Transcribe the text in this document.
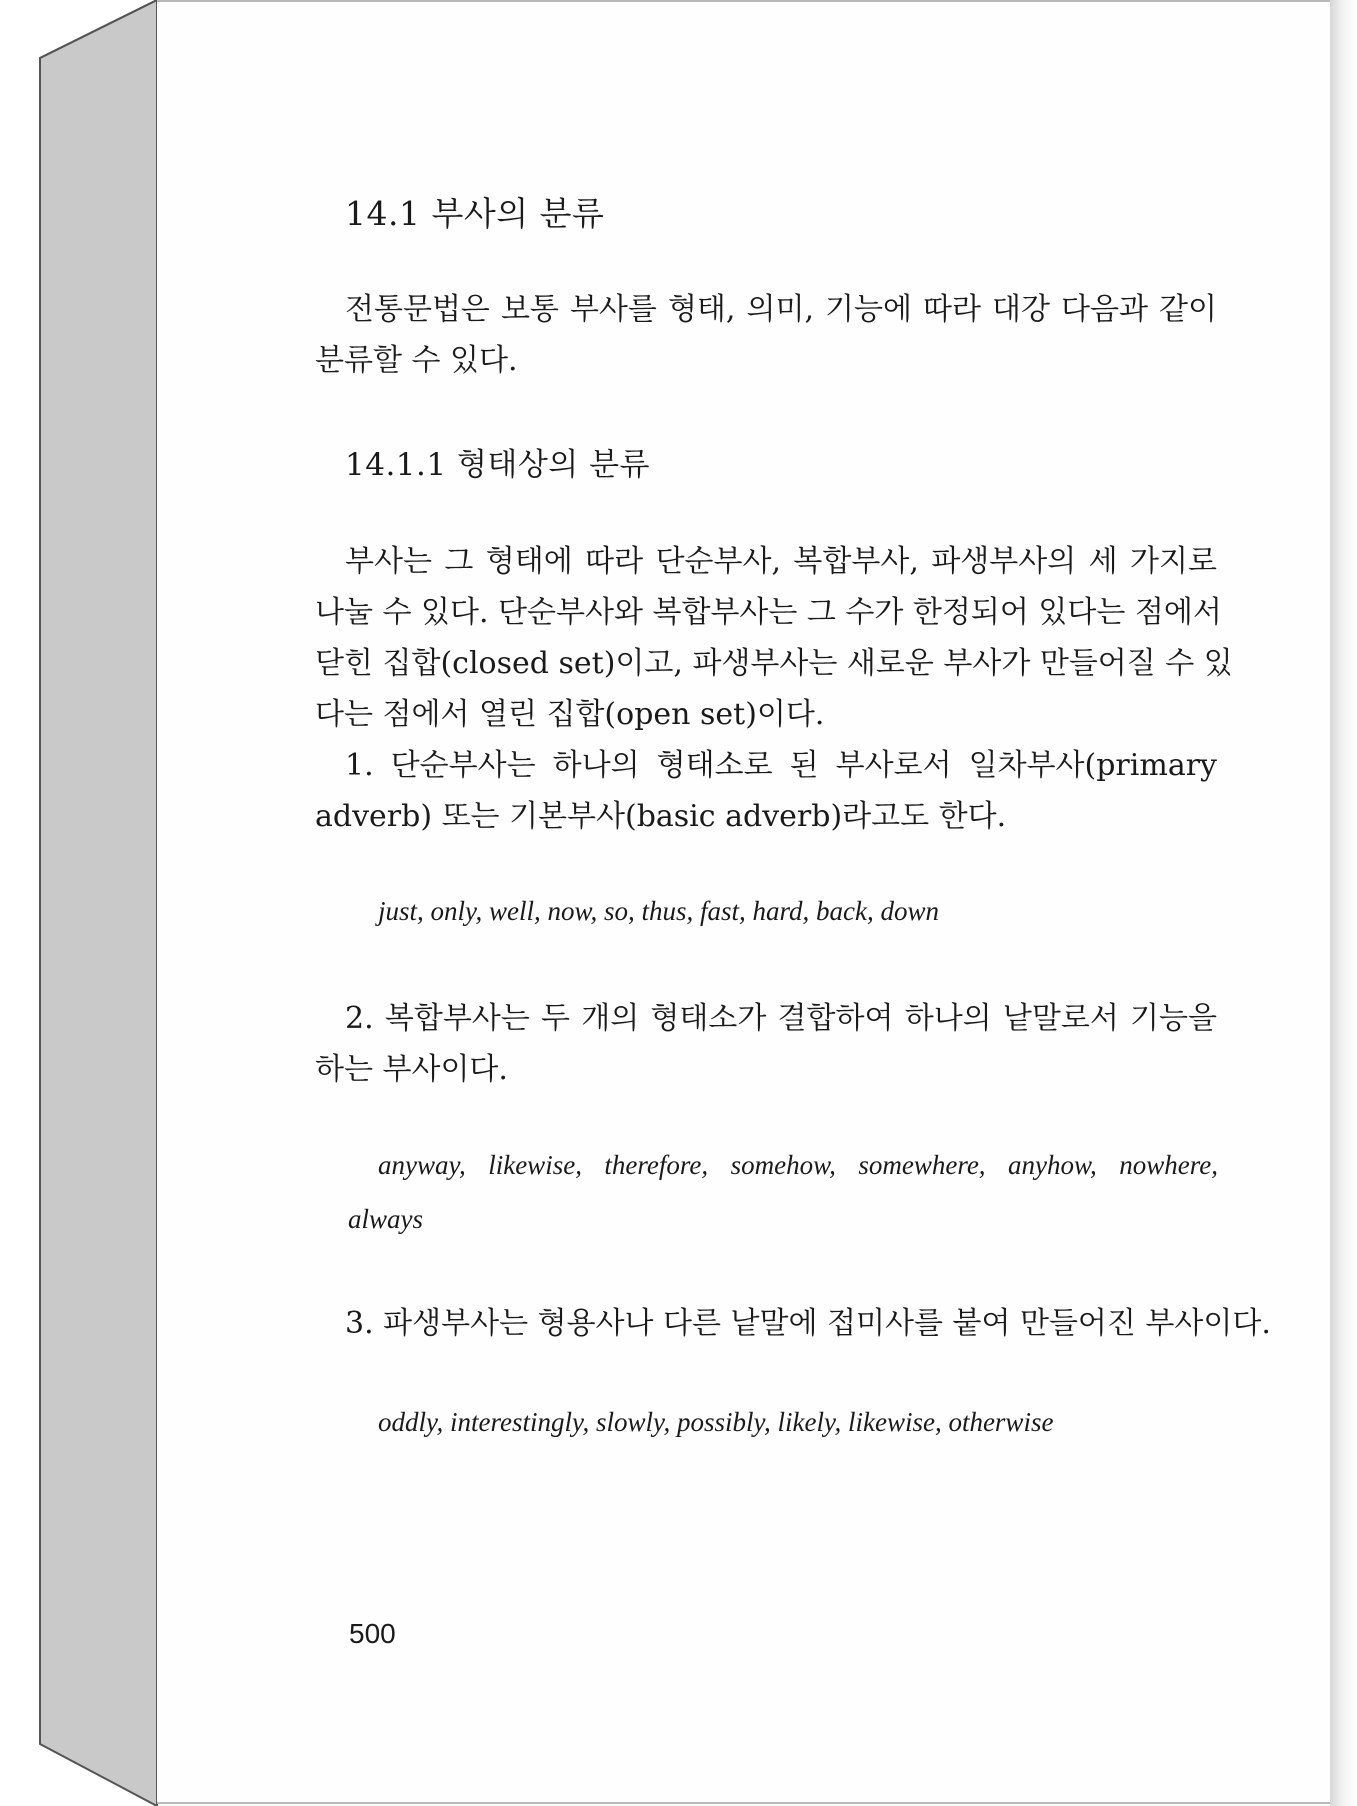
14.1 부사의 분류
전통문법은 보통 부사를 형태, 의미, 기능에 따라 대강 다음과 같이
분류할 수 있다.
14.1.1 형태상의 분류
부사는 그 형태에 따라 단순부사, 복합부사, 파생부사의 세 가지로
나눌 수 있다. 단순부사와 복합부사는 그 수가 한정되어 있다는 점에서
닫힌 집합(closed set)이고, 파생부사는 새로운 부사가 만들어질 수 있
다는 점에서 열린 집합(open set)이다.
1. 단순부사는 하나의 형태소로 된 부사로서 일차부사(primary
adverb) 또는 기본부사(basic adverb)라고도 한다.
just, only, well, now, so, thus, fast, hard, back, down
2. 복합부사는 두 개의 형태소가 결합하여 하나의 낱말로서 기능을
하는 부사이다.
anyway, likewise, therefore, somehow, somewhere, anyhow, nowhere,
always
3. 파생부사는 형용사나 다른 낱말에 접미사를 붙여 만들어진 부사이다.
oddly, interestingly, slowly, possibly, likely, likewise, otherwise
500
